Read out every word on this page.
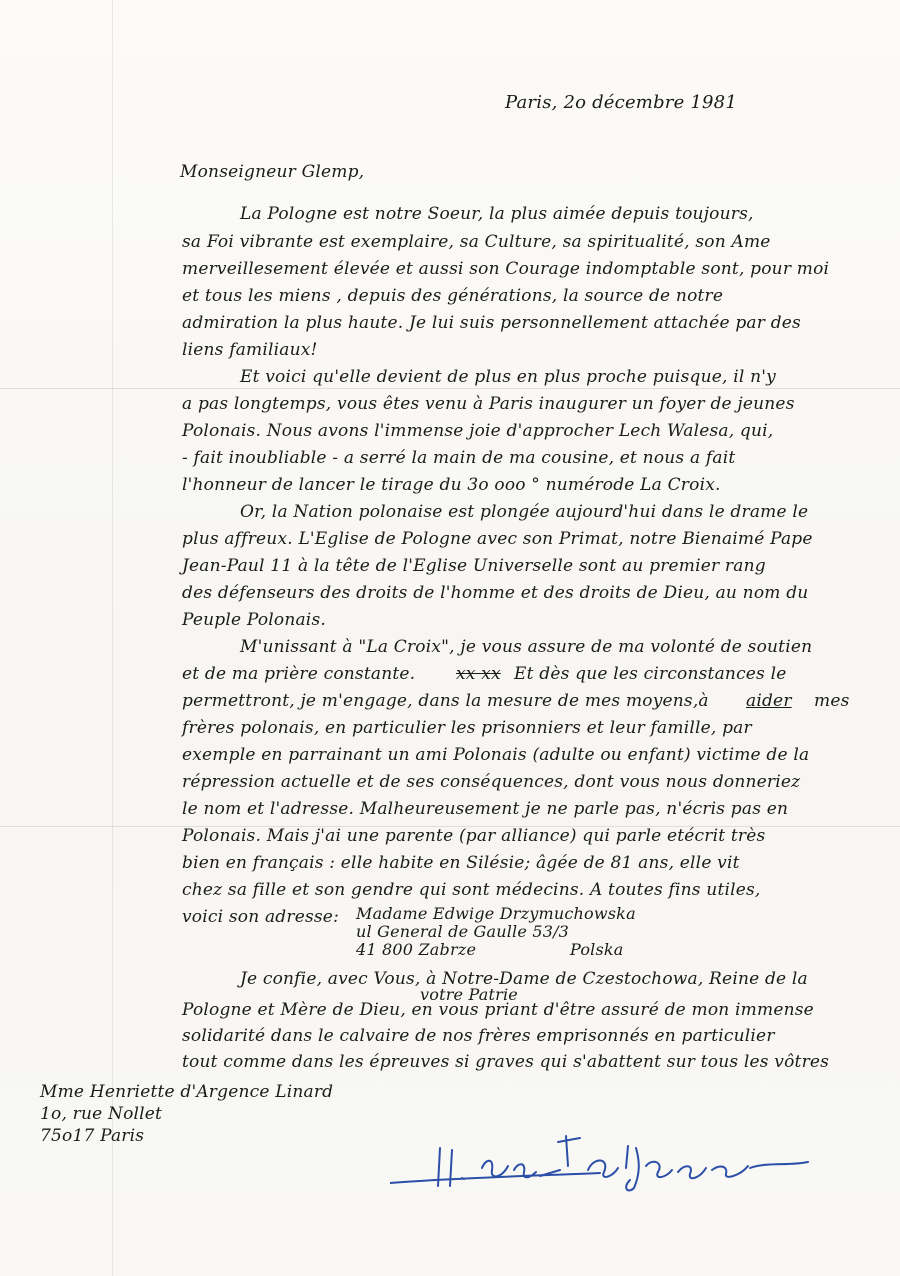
Paris, 2o décembre 1981
Monseigneur Glemp,
La Pologne est notre Soeur, la plus aimée depuis toujours,
sa Foi vibrante est exemplaire, sa Culture, sa spiritualité, son Ame
merveillesement élevée et aussi son Courage indomptable sont, pour moi
et tous les miens , depuis des générations, la source de notre
admiration la plus haute. Je lui suis personnellement attachée par des
liens familiaux!
Et voici qu'elle devient de plus en plus proche puisque, il n'y
a pas longtemps, vous êtes venu à Paris inaugurer un foyer de jeunes
Polonais. Nous avons l'immense joie d'approcher Lech Walesa, qui,
- fait inoubliable - a serré la main de ma cousine, et nous a fait
l'honneur de lancer le tirage du 3o ooo ° numérode La Croix.
Or, la Nation polonaise est plongée aujourd'hui dans le drame le
plus affreux. L'Eglise de Pologne avec son Primat, notre Bienaimé Pape
Jean-Paul 11 à la tête de l'Eglise Universelle sont au premier rang
des défenseurs des droits de l'homme et des droits de Dieu, au nom du
Peuple Polonais.
M'unissant à "La Croix", je vous assure de ma volonté de soutien
et de ma prière constante. xx xx Et dès que les circonstances le
permettront, je m'engage, dans la mesure de mes moyens,à aider mes
frères polonais, en particulier les prisonniers et leur famille, par
exemple en parrainant un ami Polonais (adulte ou enfant) victime de la
répression actuelle et de ses conséquences, dont vous nous donneriez
le nom et l'adresse. Malheureusement je ne parle pas, n'écris pas en
Polonais. Mais j'ai une parente (par alliance) qui parle etécrit très
bien en français : elle habite en Silésie; âgée de 81 ans, elle vit
chez sa fille et son gendre qui sont médecins. A toutes fins utiles,
voici son adresse: Madame Edwige Drzymuchowska
ul General de Gaulle 53/3
41 800 Zabrze	Polska
Je confie, avec Vous, à Notre-Dame de Czestochowa, Reine de la
votre Patrie
Pologne et Mère de Dieu, en vous priant d'être assuré de mon immense
solidarité dans le calvaire de nos frères emprisonnés en particulier
tout comme dans les épreuves si graves qui s'abattent sur tous les vôtres
Mme Henriette d'Argence Linard
1o, rue Nollet
75o17 Paris
